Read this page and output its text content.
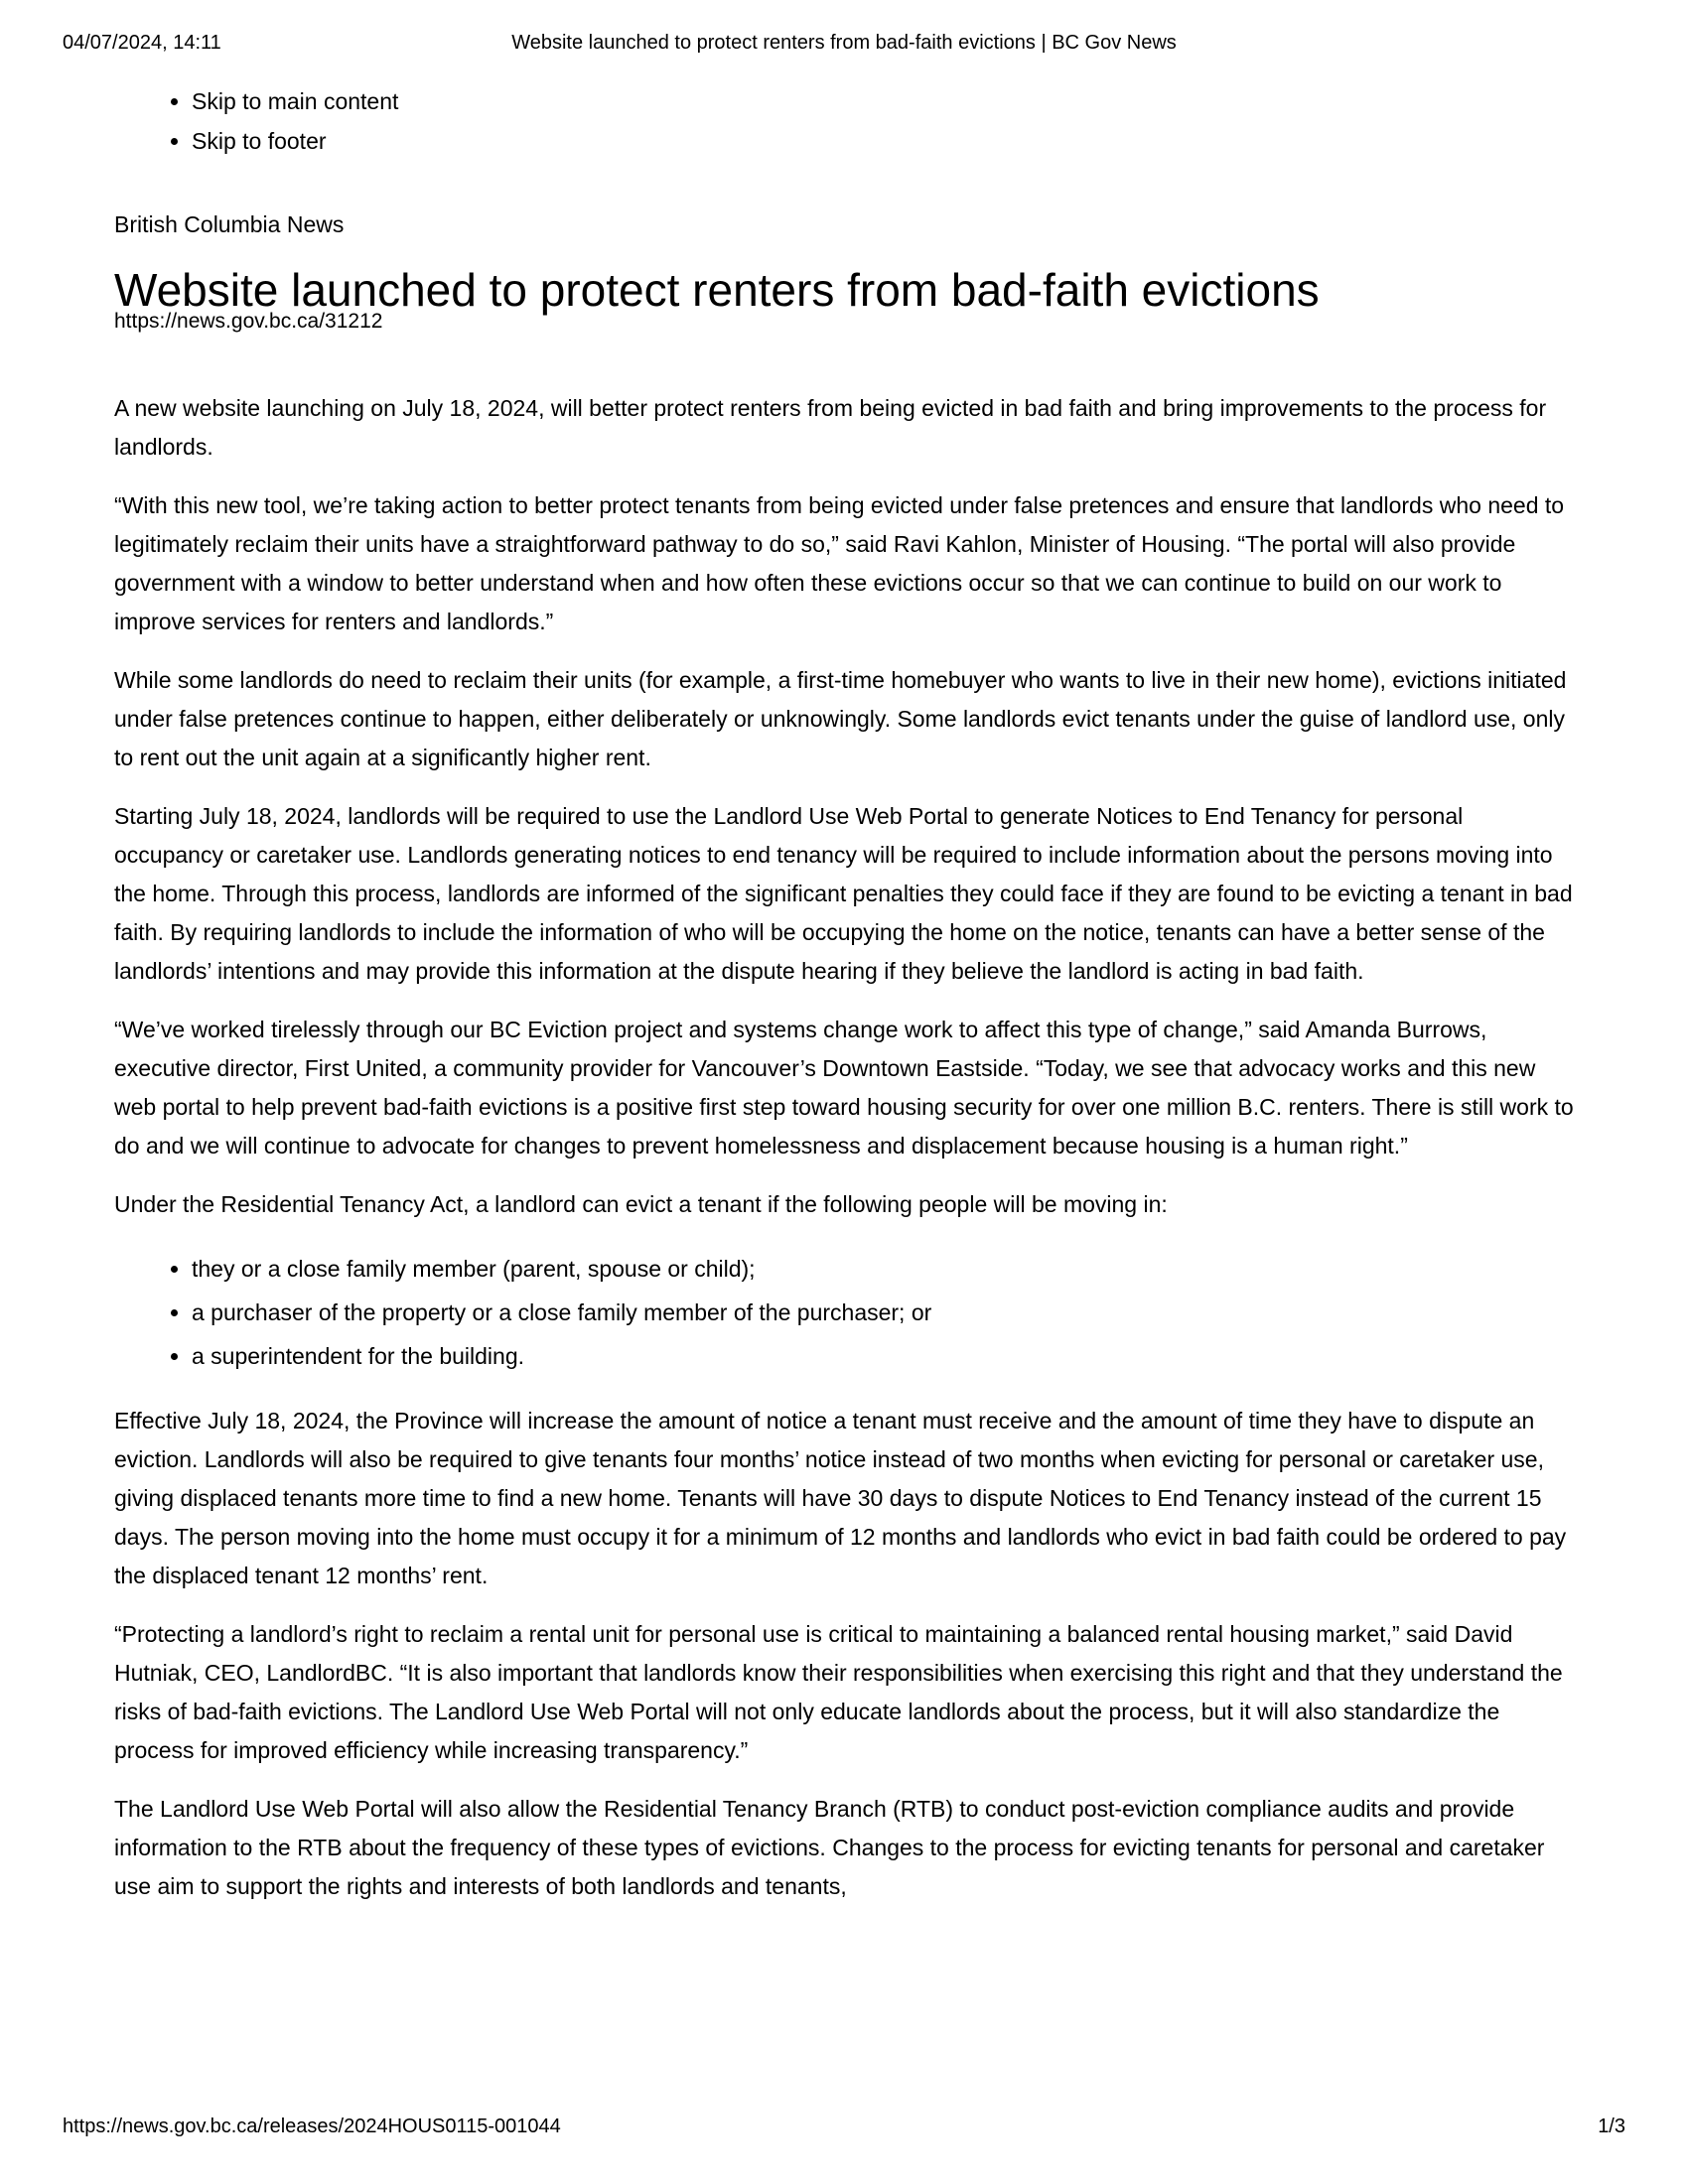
04/07/2024, 14:11	Website launched to protect renters from bad-faith evictions | BC Gov News
• Skip to main content
• Skip to footer

British Columbia News

Website launched to protect renters from bad-faith evictions
https://news.gov.bc.ca/31212

A new website launching on July 18, 2024, will better protect renters from being evicted in bad faith and bring improvements to the process for landlords.

“With this new tool, we’re taking action to better protect tenants from being evicted under false pretences and ensure that landlords who need to legitimately reclaim their units have a straightforward pathway to do so,” said Ravi Kahlon, Minister of Housing. “The portal will also provide government with a window to better understand when and how often these evictions occur so that we can continue to build on our work to improve services for renters and landlords.”

While some landlords do need to reclaim their units (for example, a first-time homebuyer who wants to live in their new home), evictions initiated under false pretences continue to happen, either deliberately or unknowingly. Some landlords evict tenants under the guise of landlord use, only to rent out the unit again at a significantly higher rent.

Starting July 18, 2024, landlords will be required to use the Landlord Use Web Portal to generate Notices to End Tenancy for personal occupancy or caretaker use. Landlords generating notices to end tenancy will be required to include information about the persons moving into the home. Through this process, landlords are informed of the significant penalties they could face if they are found to be evicting a tenant in bad faith. By requiring landlords to include the information of who will be occupying the home on the notice, tenants can have a better sense of the landlords’ intentions and may provide this information at the dispute hearing if they believe the landlord is acting in bad faith.

“We’ve worked tirelessly through our BC Eviction project and systems change work to affect this type of change,” said Amanda Burrows, executive director, First United, a community provider for Vancouver’s Downtown Eastside. “Today, we see that advocacy works and this new web portal to help prevent bad-faith evictions is a positive first step toward housing security for over one million B.C. renters. There is still work to do and we will continue to advocate for changes to prevent homelessness and displacement because housing is a human right.”

Under the Residential Tenancy Act, a landlord can evict a tenant if the following people will be moving in:

• they or a close family member (parent, spouse or child);
• a purchaser of the property or a close family member of the purchaser; or
• a superintendent for the building.

Effective July 18, 2024, the Province will increase the amount of notice a tenant must receive and the amount of time they have to dispute an eviction. Landlords will also be required to give tenants four months’ notice instead of two months when evicting for personal or caretaker use, giving displaced tenants more time to find a new home. Tenants will have 30 days to dispute Notices to End Tenancy instead of the current 15 days. The person moving into the home must occupy it for a minimum of 12 months and landlords who evict in bad faith could be ordered to pay the displaced tenant 12 months’ rent.

“Protecting a landlord’s right to reclaim a rental unit for personal use is critical to maintaining a balanced rental housing market,” said David Hutniak, CEO, LandlordBC. “It is also important that landlords know their responsibilities when exercising this right and that they understand the risks of bad-faith evictions. The Landlord Use Web Portal will not only educate landlords about the process, but it will also standardize the process for improved efficiency while increasing transparency.”

The Landlord Use Web Portal will also allow the Residential Tenancy Branch (RTB) to conduct post-eviction compliance audits and provide information to the RTB about the frequency of these types of evictions. Changes to the process for evicting tenants for personal and caretaker use aim to support the rights and interests of both landlords and tenants,

https://news.gov.bc.ca/releases/2024HOUS0115-001044	1/3
